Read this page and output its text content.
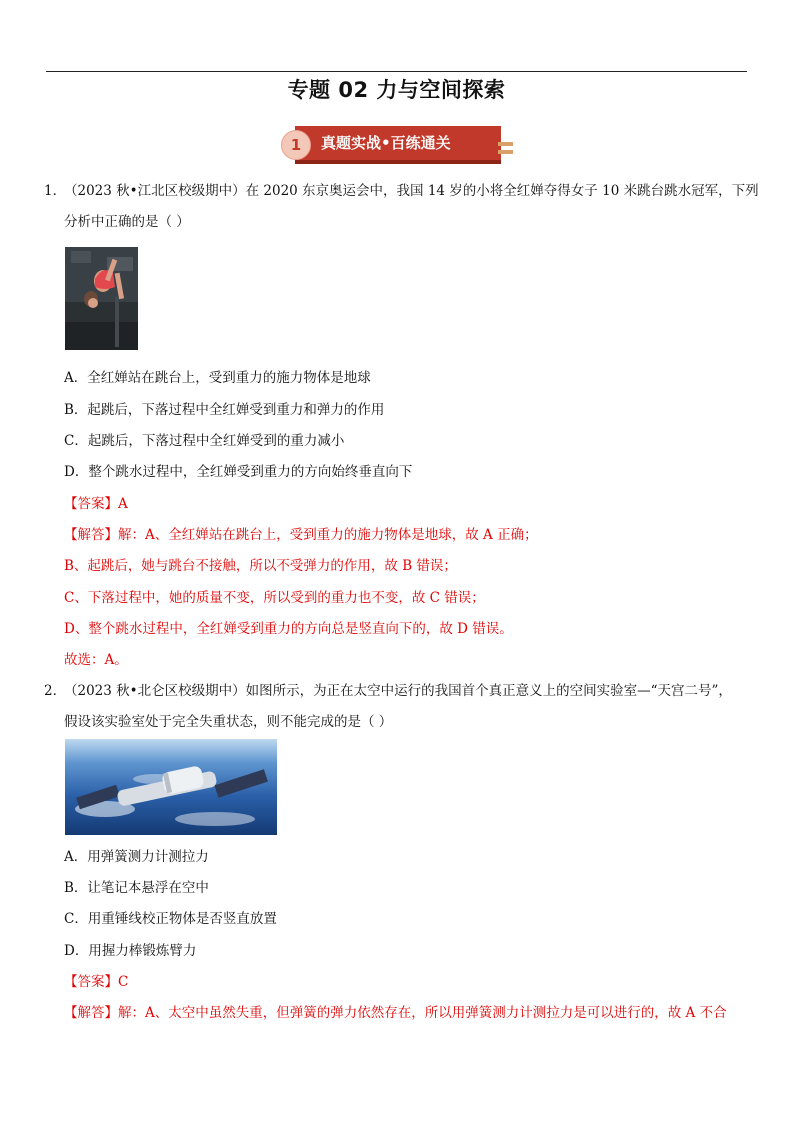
专题 02 力与空间探索
1	真题实战•百练通关
1．
（2023 秋•江北区校级期中）在 2020 东京奥运会中，我国 14 岁的小将全红婵夺得女子 10 米跳台跳水冠军，下列
分析中正确的是（ ）
A．全红婵站在跳台上，受到重力的施力物体是地球
B．起跳后，下落过程中全红婵受到重力和弹力的作用
C．起跳后，下落过程中全红婵受到的重力减小
D．整个跳水过程中，全红婵受到重力的方向始终垂直向下
【答案】A
【解答】解：A、全红婵站在跳台上，受到重力的施力物体是地球，故 A 正确；
B、起跳后，她与跳台不接触，所以不受弹力的作用，故 B 错误；
C、下落过程中，她的质量不变，所以受到的重力也不变，故 C 错误；
D、整个跳水过程中，全红婵受到重力的方向总是竖直向下的，故 D 错误。
故选：A。
2．
（2023 秋•北仑区校级期中）如图所示，为正在太空中运行的我国首个真正意义上的空间实验室—“天宫二号”，
假设该实验室处于完全失重状态，则不能完成的是（ ）
A．用弹簧测力计测拉力
B．让笔记本悬浮在空中
C．用重锤线校正物体是否竖直放置
D．用握力棒锻炼臂力
【答案】C
【解答】解：A、太空中虽然失重，但弹簧的弹力依然存在，所以用弹簧测力计测拉力是可以进行的，故 A 不合
